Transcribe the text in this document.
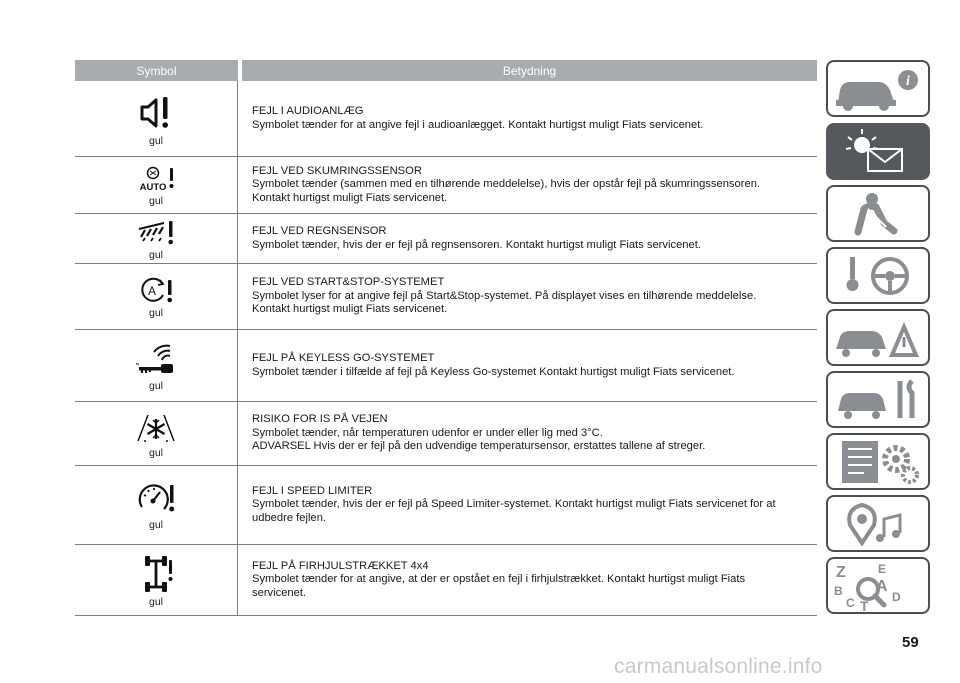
Symbol	Betydning
gul
FEJL I AUDIOANLÆG
Symbolet tænder for at angive fejl i audioanlægget. Kontakt hurtigst muligt Fiats servicenet.
AUTO
gul
FEJL VED SKUMRINGSSENSOR
Symbolet tænder (sammen med en tilhørende meddelelse), hvis der opstår fejl på skumringssensoren.
Kontakt hurtigst muligt Fiats servicenet.
gul
FEJL VED REGNSENSOR
Symbolet tænder, hvis der er fejl på regnsensoren. Kontakt hurtigst muligt Fiats servicenet.
A
gul
FEJL VED START&STOP-SYSTEMET
Symbolet lyser for at angive fejl på Start&Stop-systemet. På displayet vises en tilhørende meddelelse.
Kontakt hurtigst muligt Fiats servicenet.
gul
FEJL PÅ KEYLESS GO-SYSTEMET
Symbolet tænder i tilfælde af fejl på Keyless Go-systemet Kontakt hurtigst muligt Fiats servicenet.
gul
RISIKO FOR IS PÅ VEJEN
Symbolet tænder, når temperaturen udenfor er under eller lig med 3°C.
ADVARSEL Hvis der er fejl på den udvendige temperatursensor, erstattes tallene af streger.
gul
FEJL I SPEED LIMITER
Symbolet tænder, hvis der er fejl på Speed Limiter-systemet. Kontakt hurtigst muligt Fiats servicenet for at
udbedre fejlen.
gul
FEJL PÅ FIRHJULSTRÆKKET 4x4
Symbolet tænder for at angive, at der er opstået en fejl i firhjulstrækket. Kontakt hurtigst muligt Fiats
servicenet.
i
Z	E
A
B
C T
D
59
carmanualsonline.info
